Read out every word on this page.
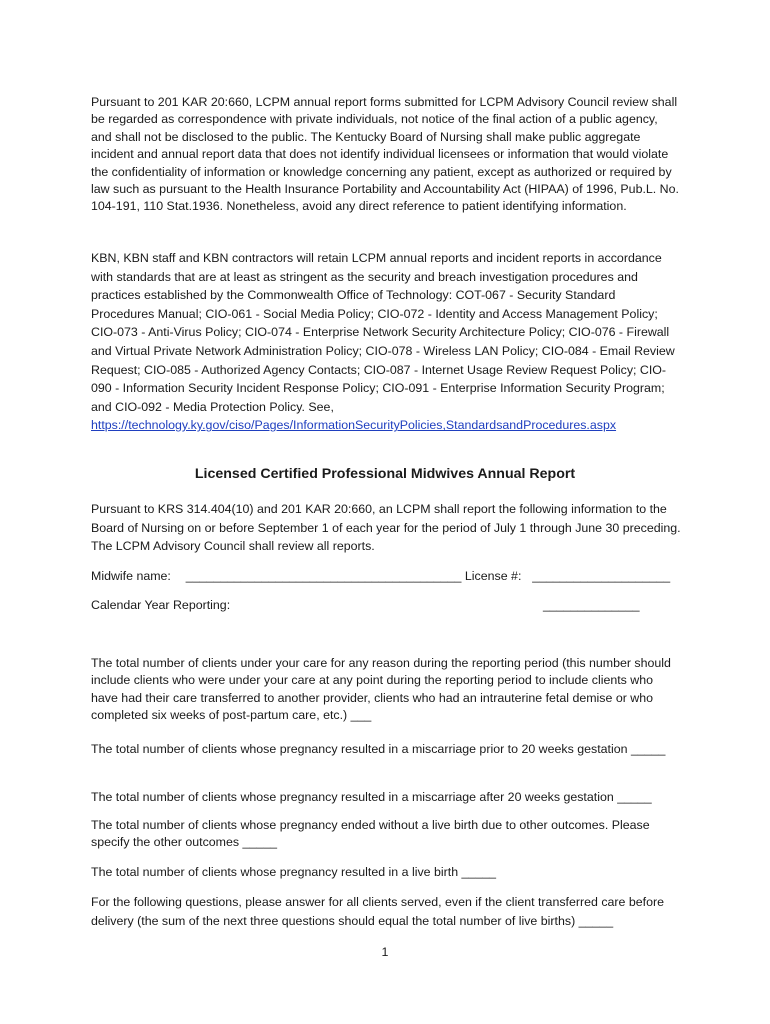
Pursuant to 201 KAR 20:660, LCPM annual report forms submitted for LCPM Advisory Council review shall be regarded as correspondence with private individuals, not notice of the final action of a public agency, and shall not be disclosed to the public. The Kentucky Board of Nursing shall make public aggregate incident and annual report data that does not identify individual licensees or information that would violate the confidentiality of information or knowledge concerning any patient, except as authorized or required by law such as pursuant to the Health Insurance Portability and Accountability Act (HIPAA) of 1996, Pub.L. No. 104-191, 110 Stat.1936. Nonetheless, avoid any direct reference to patient identifying information.

KBN, KBN staff and KBN contractors will retain LCPM annual reports and incident reports in accordance with standards that are at least as stringent as the security and breach investigation procedures and practices established by the Commonwealth Office of Technology: COT-067 - Security Standard Procedures Manual; CIO-061 - Social Media Policy; CIO-072 - Identity and Access Management Policy; CIO-073 - Anti-Virus Policy; CIO-074 - Enterprise Network Security Architecture Policy; CIO-076 - Firewall and Virtual Private Network Administration Policy; CIO-078 - Wireless LAN Policy; CIO-084 - Email Review Request; CIO-085 - Authorized Agency Contacts; CIO-087 - Internet Usage Review Request Policy; CIO-090 - Information Security Incident Response Policy; CIO-091 - Enterprise Information Security Program; and CIO-092 - Media Protection Policy. See,
https://technology.ky.gov/ciso/Pages/InformationSecurityPolicies,StandardsandProcedures.aspx

Licensed Certified Professional Midwives Annual Report

Pursuant to KRS 314.404(10) and 201 KAR 20:660, an LCPM shall report the following information to the Board of Nursing on or before September 1 of each year for the period of July 1 through June 30 preceding. The LCPM Advisory Council shall review all reports.

Midwife name: ________________________________________ License #: ____________________
Calendar Year Reporting:	______________

The total number of clients under your care for any reason during the reporting period (this number should include clients who were under your care at any point during the reporting period to include clients who have had their care transferred to another provider, clients who had an intrauterine fetal demise or who completed six weeks of post-partum care, etc.) ___

The total number of clients whose pregnancy resulted in a miscarriage prior to 20 weeks gestation _____

The total number of clients whose pregnancy resulted in a miscarriage after 20 weeks gestation _____

The total number of clients whose pregnancy ended without a live birth due to other outcomes. Please specify the other outcomes _____

The total number of clients whose pregnancy resulted in a live birth _____

For the following questions, please answer for all clients served, even if the client transferred care before delivery (the sum of the next three questions should equal the total number of live births) _____

1
